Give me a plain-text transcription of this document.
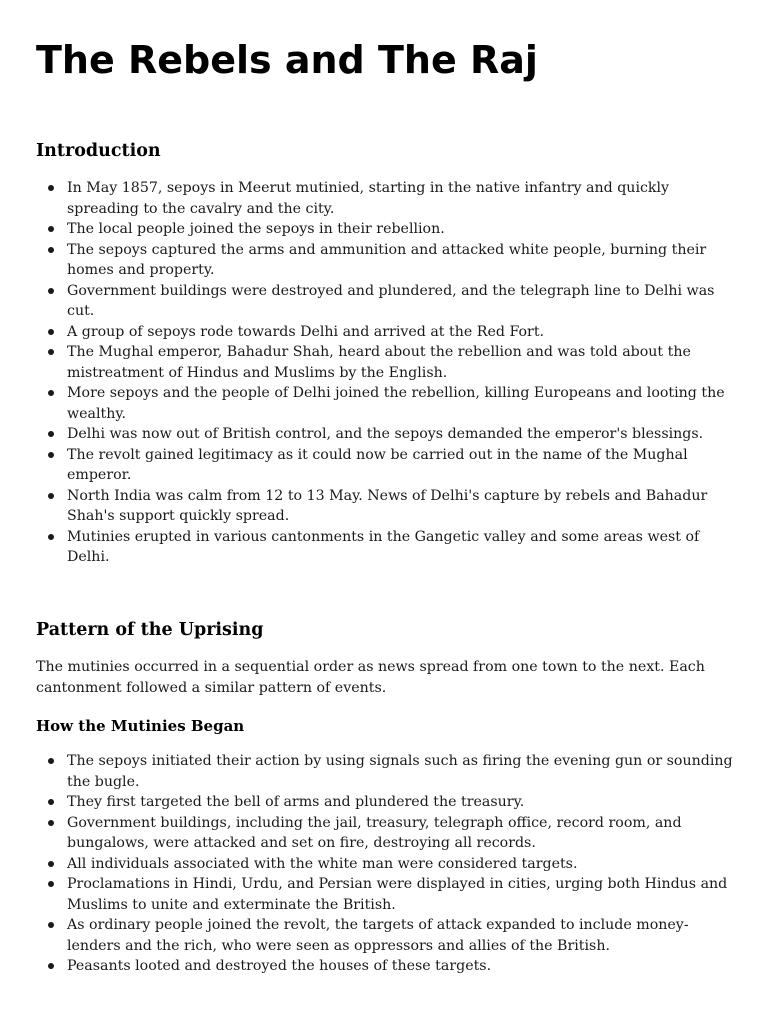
The Rebels and The Raj
Introduction
In May 1857, sepoys in Meerut mutinied, starting in the native infantry and quickly spreading to the cavalry and the city.
The local people joined the sepoys in their rebellion.
The sepoys captured the arms and ammunition and attacked white people, burning their homes and property.
Government buildings were destroyed and plundered, and the telegraph line to Delhi was cut.
A group of sepoys rode towards Delhi and arrived at the Red Fort.
The Mughal emperor, Bahadur Shah, heard about the rebellion and was told about the mistreatment of Hindus and Muslims by the English.
More sepoys and the people of Delhi joined the rebellion, killing Europeans and looting the wealthy.
Delhi was now out of British control, and the sepoys demanded the emperor's blessings.
The revolt gained legitimacy as it could now be carried out in the name of the Mughal emperor.
North India was calm from 12 to 13 May. News of Delhi's capture by rebels and Bahadur Shah's support quickly spread.
Mutinies erupted in various cantonments in the Gangetic valley and some areas west of Delhi.
Pattern of the Uprising

The mutinies occurred in a sequential order as news spread from one town to the next. Each cantonment followed a similar pattern of events.

How the Mutinies Began
The sepoys initiated their action by using signals such as firing the evening gun or sounding the bugle.
They first targeted the bell of arms and plundered the treasury.
Government buildings, including the jail, treasury, telegraph office, record room, and bungalows, were attacked and set on fire, destroying all records.
All individuals associated with the white man were considered targets.
Proclamations in Hindi, Urdu, and Persian were displayed in cities, urging both Hindus and Muslims to unite and exterminate the British.
As ordinary people joined the revolt, the targets of attack expanded to include money-lenders and the rich, who were seen as oppressors and allies of the British.
Peasants looted and destroyed the houses of these targets.
